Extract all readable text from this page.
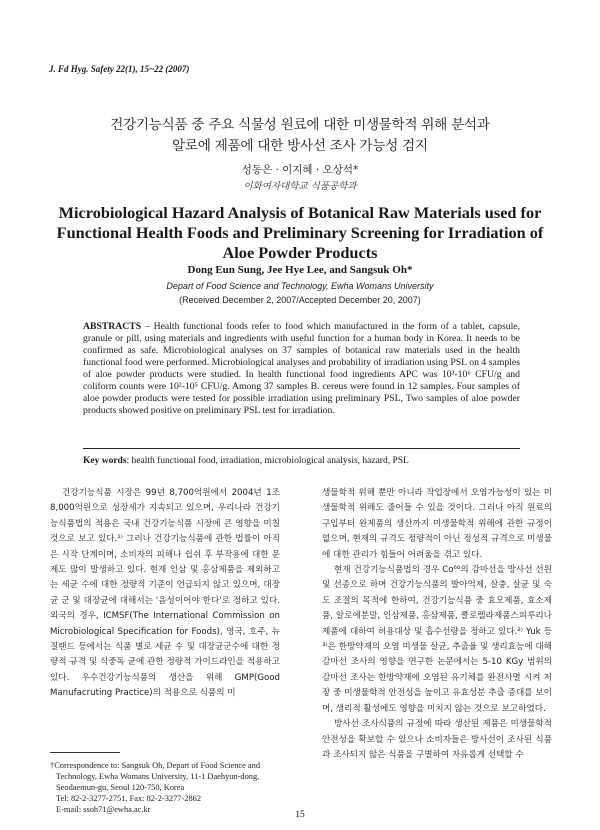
J. Fd Hyg. Safety 22(1), 15~22 (2007)
건강기능식품 중 주요 식물성 원료에 대한 미생물학적 위해 분석과
알로에 제품에 대한 방사선 조사 가능성 검지
성동은 · 이지혜 · 오상석*
이화여자대학교 식품공학과
Microbiological Hazard Analysis of Botanical Raw Materials used for Functional Health Foods and Preliminary Screening for Irradiation of Aloe Powder Products
Dong Eun Sung, Jee Hye Lee, and Sangsuk Oh*
Depart of Food Science and Technology, Ewha Womans University
(Received December 2, 2007/Accepted December 20, 2007)
ABSTRACTS – Health functional foods refer to food which manufactured in the form of a tablet, capsule, granule or pill, using materials and ingredients with useful function for a human body in Korea. It needs to be confirmed as safe. Microbiological analyses on 37 samples of botanical raw materials used in the health functional food were performed. Microbiological analyses and probability of irradiation using PSL on 4 samples of aloe powder products were studied. In health functional food ingredients APC was 10³-10⁶ CFU/g and coliform counts were 10²-10⁵ CFU/g. Among 37 samples B. cereus were found in 12 samples. Four samples of aloe powder products were tested for possible irradiation using preliminary PSL, Two samples of aloe powder products showed positive on preliminary PSL test for irradiation.
Key words: health functional food, irradiation, microbiological analysis, hazard, PSL

건강기능식품 시장은 99년 8,700억원에서 2004년 1조 8,000억원으로 성장세가 지속되고 있으며, 우리나라 건강기능식품법의 적용은 국내 건강기능식품 시장에 큰 영향을 미칠 것으로 보고 있다.¹⁾ 그러나 건강기능식품에 관한 법률이 아직은 시작 단계이며, 소비자의 피해나 쉽쉬 후 부작용에 대한 문제도 많이 발생하고 있다. 현재 인삼 및 홍삼제품을 제외하고는 세균 수에 대한 정량적 기준이 언급되지 않고 있으며, 대장균 군 및 대장균에 대해서는 '음성이어야 한다'로 정하고 있다. 외국의 경우, ICMSF(The International Commission on Microbiological Specification for Foods), 영국, 호주, 뉴질랜드 등에서는 식품 별로 세균 수 및 대장균군수에 대한 정량적 규격 및 식중독 균에 관한 정량적 가이드라인을 적용하고 있다. 우수건강기능식품의 생산을 위해 GMP(Good Manufacruting Practice)의 적용으로 식품의 미

생물학적 위해 뿐만 아니라 작업장에서 오염가능성이 있는 미생물학적 위해도 줄어들 수 있을 것이다. 그러나 아직 원료의 구입부터 완제품의 생산까지 미생물학적 위해에 관한 규정이 없으며, 현재의 규격도 정량적이 아닌 정성적 규격으로 미생물에 대한 관리가 힘들어 어려움을 겪고 있다.

현재 건강기능식품법의 경우 Co⁶⁰의 감마선을 방사선 선원 및 선종으로 하며 건강기능식품의 발아억제, 살충, 살균 및 숙도 조절의 목적에 한하여, 건강기능식품 중 효모제품, 효소제품, 알로에분말, 인삼제품, 홍삼제품, 클로렐라제품스피루리나 제품에 대하여 허용대상 및 흡수선량을 정하고 있다.²⁾ Yuk 등³⁾은 한방약재의 오염 미생물 살균, 추출율 및 생리효능에 대해 감마선 조사의 영향을 연구한 논문에서는 5-10 KGy 범위의 감마선 조사는 한방약재에 오염된 유기체를 완전사멸 시켜 저장 중 미생물학적 안전성을 높이고 유효성분 추출 증대를 보이며, 생리적 활성에도 영향을 미치지 않는 것으로 보고하였다.

방사선 조사식품의 규정에 따라 생산된 제품은 미생물학적 안전성을 확보할 수 있으나 소비자들은 방사선이 조사된 식품과 조사되지 않은 식품을 구별하여 자유롭게 선택할 수

†Correspondence to: Sangsuk Oh, Depart of Food Science and
Technology, Ewha Womans University, 11-1 Daehyun-dong,
Seodaemun-gu, Seoul 120-750, Korea
Tel: 82-2-3277-2751, Fax: 82-2-3277-2862
E-mail: ssoh71@ewha.ac.kr
15
